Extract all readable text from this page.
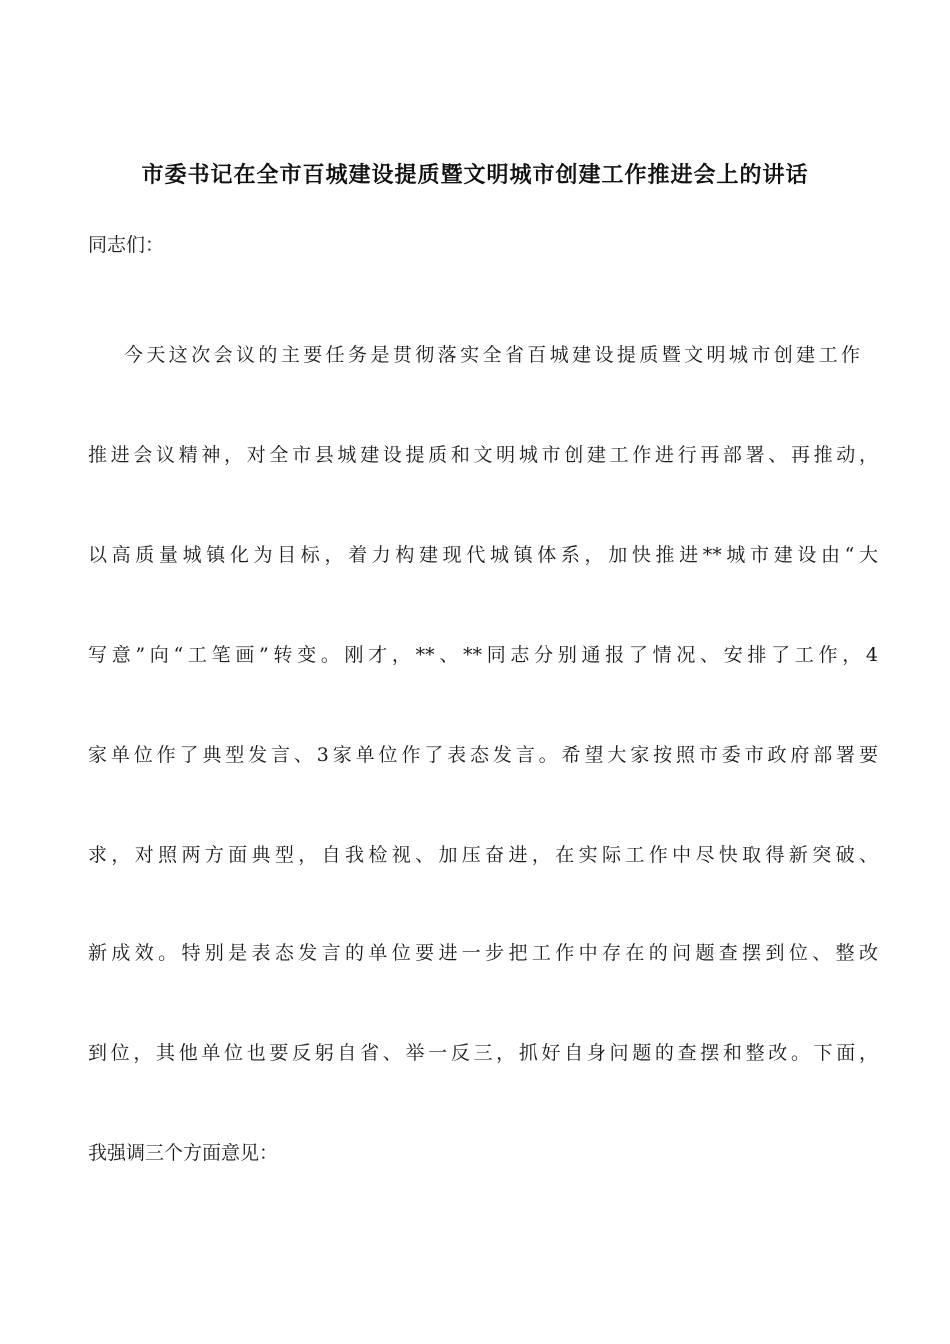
市委书记在全市百城建设提质暨文明城市创建工作推进会上的讲话
同志们：
今天这次会议的主要任务是贯彻落实全省百城建设提质暨文明城市创建工作
推进会议精神，对全市县城建设提质和文明城市创建工作进行再部署、再推动，
以高质量城镇化为目标，着力构建现代城镇体系，加快推进**城市建设由“大
写意”向“工笔画”转变。刚才，**、**同志分别通报了情况、安排了工作，4
家单位作了典型发言、3家单位作了表态发言。希望大家按照市委市政府部署要
求，对照两方面典型，自我检视、加压奋进，在实际工作中尽快取得新突破、
新成效。特别是表态发言的单位要进一步把工作中存在的问题查摆到位、整改
到位，其他单位也要反躬自省、举一反三，抓好自身问题的查摆和整改。下面，
我强调三个方面意见：
